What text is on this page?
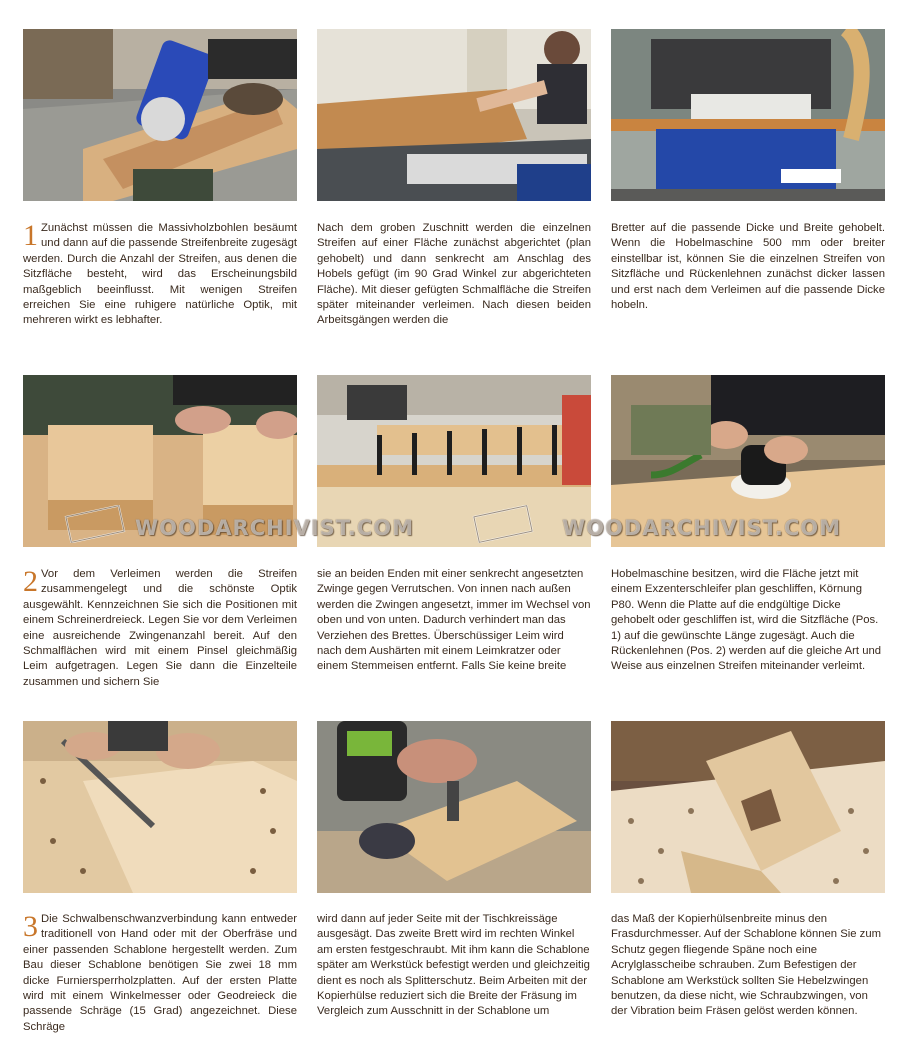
1 Zunächst müssen die Massivholzbohlen besäumt und dann auf die passende Streifenbreite zugesägt werden. Durch die Anzahl der Streifen, aus denen die Sitzfläche besteht, wird das Erscheinungsbild maßgeblich beeinflusst. Mit wenigen Streifen erreichen Sie eine ruhigere natürliche Optik, mit mehreren wirkt es lebhafter.

Nach dem groben Zuschnitt werden die einzelnen Streifen auf einer Fläche zunächst abgerichtet (plan gehobelt) und dann senkrecht am Anschlag des Hobels gefügt (im 90 Grad Winkel zur abgerichteten Fläche). Mit dieser gefügten Schmalfläche die Streifen später miteinander verleimen. Nach diesen beiden Arbeitsgängen werden die

Bretter auf die passende Dicke und Breite gehobelt. Wenn die Hobelmaschine 500 mm oder breiter einstellbar ist, können Sie die einzelnen Streifen von Sitzfläche und Rückenlehnen zunächst dicker lassen und erst nach dem Verleimen auf die passende Dicke hobeln.

WOODARCHIVIST.COM	WOODARCHIVIST.COM

2 Vor dem Verleimen werden die Streifen zusammengelegt und die schönste Optik ausgewählt. Kennzeichnen Sie sich die Positionen mit einem Schreinerdreieck. Legen Sie vor dem Verleimen eine ausreichende Zwingenanzahl bereit. Auf den Schmalflächen wird mit einem Pinsel gleichmäßig Leim aufgetragen. Legen Sie dann die Einzelteile zusammen und sichern Sie

sie an beiden Enden mit einer senkrecht angesetzten Zwinge gegen Verrutschen. Von innen nach außen werden die Zwingen angesetzt, immer im Wechsel von oben und von unten. Dadurch verhindert man das Verziehen des Brettes. Überschüssiger Leim wird nach dem Aushärten mit einem Leimkratzer oder einem Stemmeisen entfernt. Falls Sie keine breite

Hobelmaschine besitzen, wird die Fläche jetzt mit einem Exzenterschleifer plan geschliffen, Körnung P80. Wenn die Platte auf die endgültige Dicke gehobelt oder geschliffen ist, wird die Sitzfläche (Pos. 1) auf die gewünschte Länge zugesägt. Auch die Rückenlehnen (Pos. 2) werden auf die gleiche Art und Weise aus einzelnen Streifen miteinander verleimt.

3 Die Schwalbenschwanzverbindung kann entweder traditionell von Hand oder mit der Oberfräse und einer passenden Schablone hergestellt werden. Zum Bau dieser Schablone benötigen Sie zwei 18 mm dicke Furniersperrholzplatten. Auf der ersten Platte wird mit einem Winkelmesser oder Geodreieck die passende Schräge (15 Grad) angezeichnet. Diese Schräge

wird dann auf jeder Seite mit der Tischkreissäge ausgesägt. Das zweite Brett wird im rechten Winkel am ersten festgeschraubt. Mit ihm kann die Schablone später am Werkstück befestigt werden und gleichzeitig dient es noch als Splitterschutz. Beim Arbeiten mit der Kopierhülse reduziert sich die Breite der Fräsung im Vergleich zum Ausschnitt in der Schablone um

das Maß der Kopierhülsenbreite minus den Frasdurchmesser. Auf der Schablone können Sie zum Schutz gegen fliegende Späne noch eine Acrylglasscheibe schrauben. Zum Befestigen der Schablone am Werkstück sollten Sie Hebelzwingen benutzen, da diese nicht, wie Schraubzwingen, von der Vibration beim Fräsen gelöst werden können.
